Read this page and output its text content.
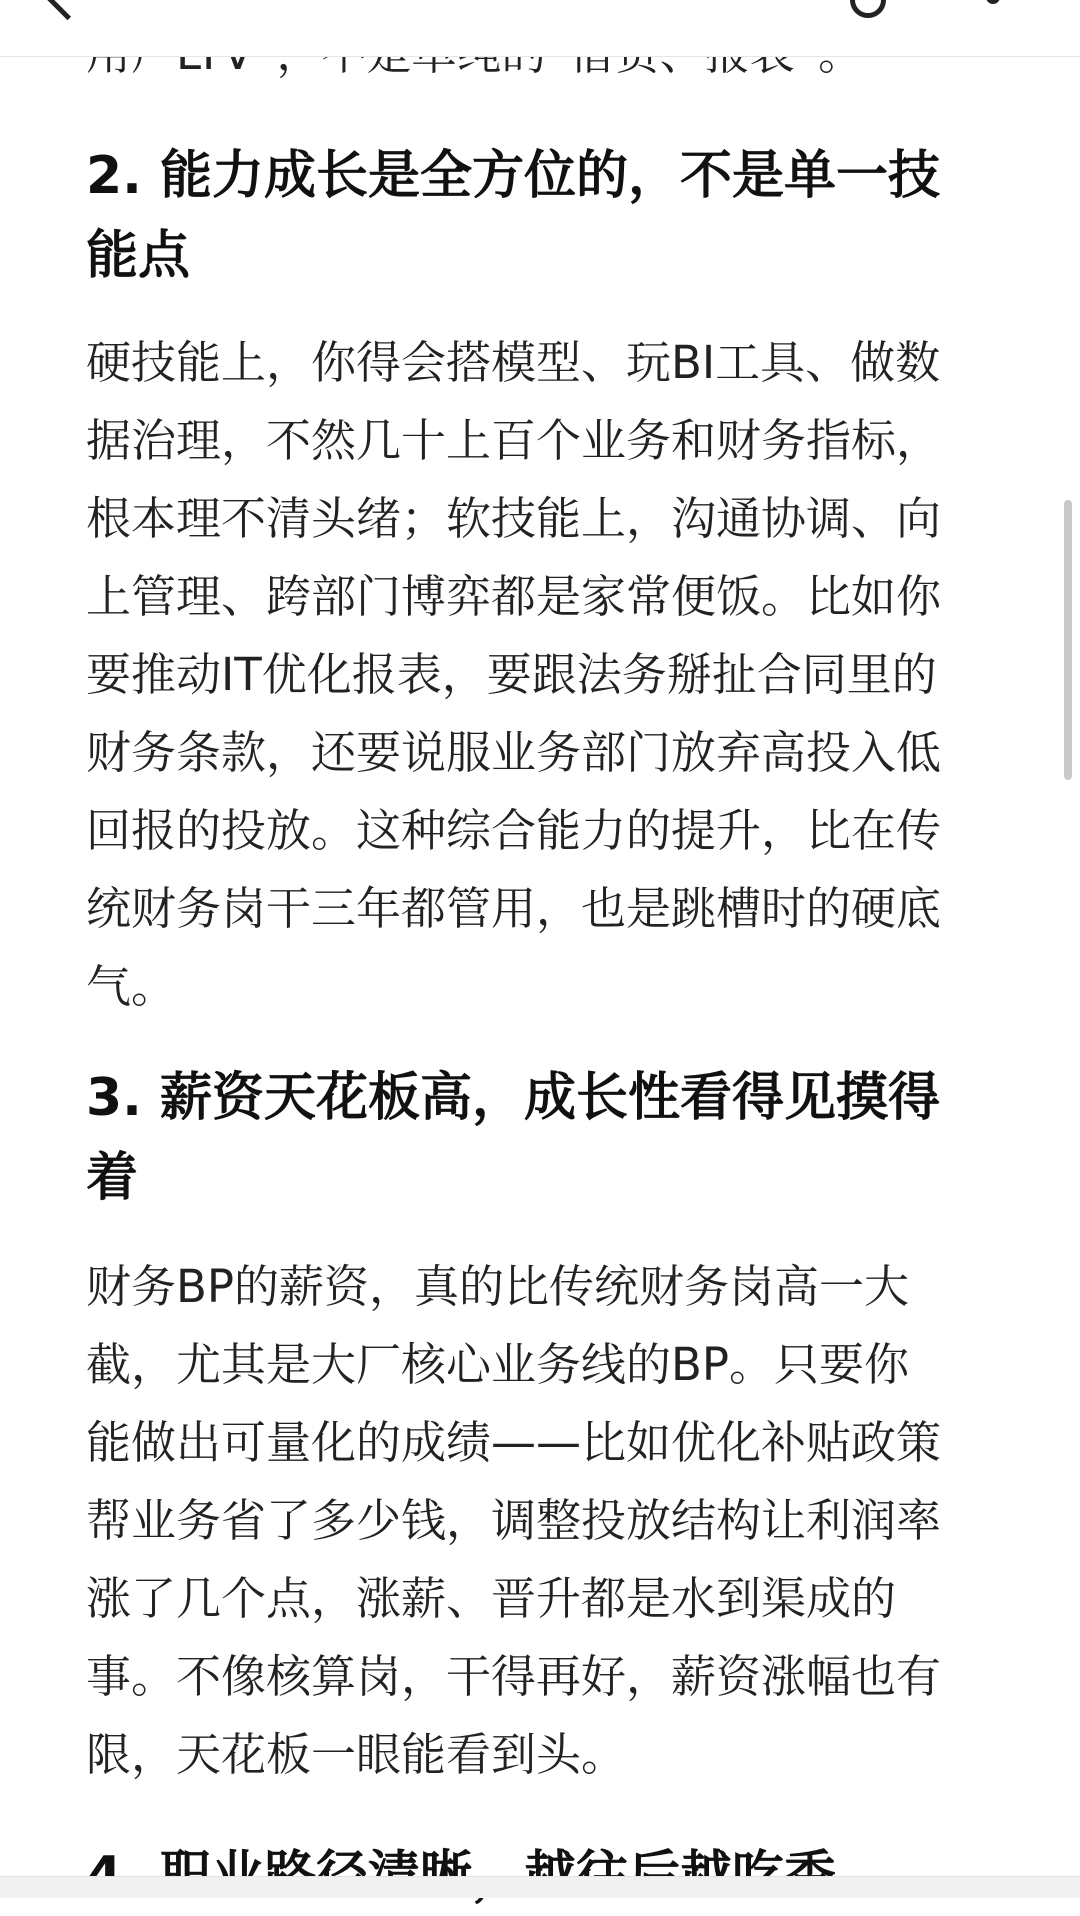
2. 能力成长是全方位的，不是单一技
能点
硬技能上，你得会搭模型、玩BI工具、做数
据治理，不然几十上百个业务和财务指标，
根本理不清头绪；软技能上，沟通协调、向
上管理、跨部门博弈都是家常便饭。比如你
要推动IT优化报表，要跟法务掰扯合同里的
财务条款，还要说服业务部门放弃高投入低
回报的投放。这种综合能力的提升，比在传
统财务岗干三年都管用，也是跳槽时的硬底
气。
3. 薪资天花板高，成长性看得见摸得
着
财务BP的薪资，真的比传统财务岗高一大
截，尤其是大厂核心业务线的BP。只要你
能做出可量化的成绩——比如优化补贴政策
帮业务省了多少钱，调整投放结构让利润率
涨了几个点，涨薪、晋升都是水到渠成的
事。不像核算岗，干得再好，薪资涨幅也有
限，天花板一眼能看到头。
